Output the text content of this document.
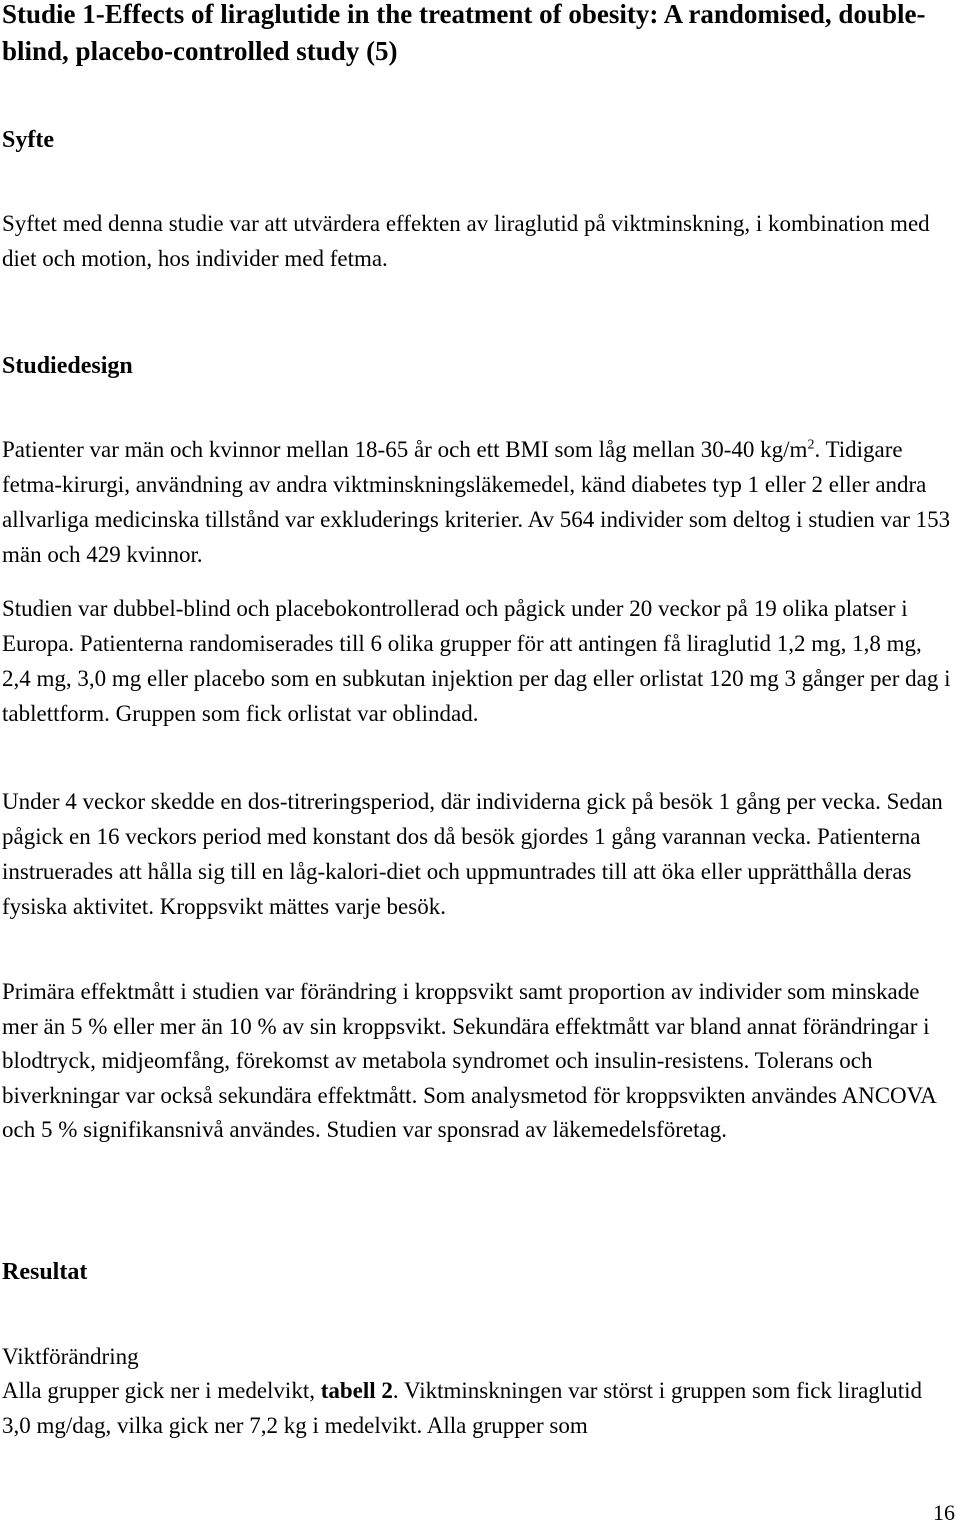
Studie 1-Effects of liraglutide in the treatment of obesity: A randomised, double-blind, placebo-controlled study (5)
Syfte

Syftet med denna studie var att utvärdera effekten av liraglutid på viktminskning, i kombination med diet och motion, hos individer med fetma.

Studiedesign

Patienter var män och kvinnor mellan 18-65 år och ett BMI som låg mellan 30-40 $kg/m^2$. Tidigare fetma-kirurgi, användning av andra viktminskningsläkemedel, känd diabetes typ 1 eller 2 eller andra allvarliga medicinska tillstånd var exkluderings kriterier. Av 564 individer som deltog i studien var 153 män och 429 kvinnor.

Studien var dubbel-blind och placebokontrollerad och pågick under 20 veckor på 19 olika platser i Europa. Patienterna randomiserades till 6 olika grupper för att antingen få liraglutid 1,2 mg, 1,8 mg, 2,4 mg, 3,0 mg eller placebo som en subkutan injektion per dag eller orlistat 120 mg 3 gånger per dag i tablettform. Gruppen som fick orlistat var oblindad.

Under 4 veckor skedde en dos-titreringsperiod, där individerna gick på besök 1 gång per vecka. Sedan pågick en 16 veckors period med konstant dos då besök gjordes 1 gång varannan vecka. Patienterna instruerades att hålla sig till en låg-kalori-diet och uppmuntrades till att öka eller upprätthålla deras fysiska aktivitet. Kroppsvikt mättes varje besök.

Primära effektmått i studien var förändring i kroppsvikt samt proportion av individer som minskade mer än 5 % eller mer än 10 % av sin kroppsvikt. Sekundära effektmått var bland annat förändringar i blodtryck, midjeomfång, förekomst av metabola syndromet och insulin-resistens. Tolerans och biverkningar var också sekundära effektmått. Som analysmetod för kroppsvikten användes ANCOVA och 5 % signifikansnivå användes. Studien var sponsrad av läkemedelsföretag.

Resultat
Viktförändring

Alla grupper gick ner i medelvikt, tabell 2. Viktminskningen var störst i gruppen som fick liraglutid 3,0 mg/dag, vilka gick ner 7,2 kg i medelvikt. Alla grupper som

16
